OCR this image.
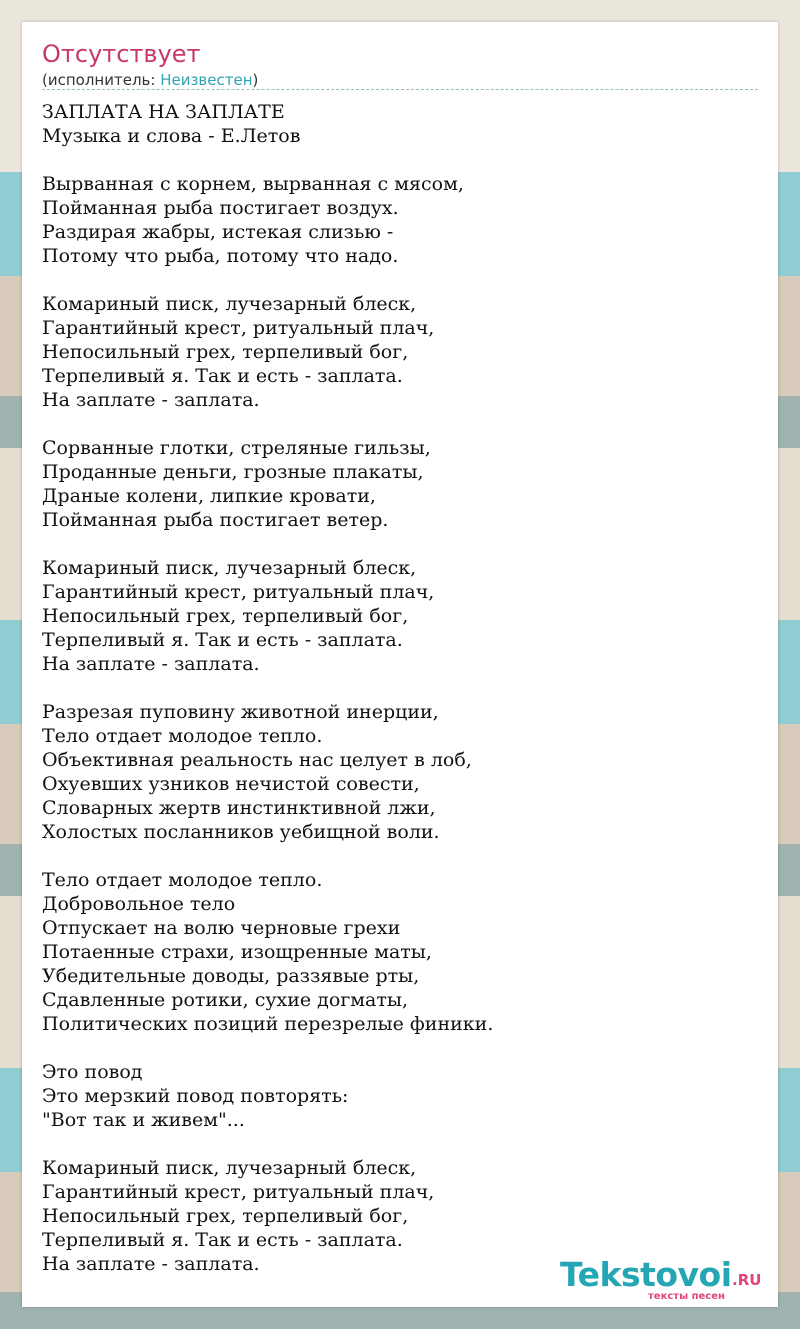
Отсутствует
(исполнитель: Неизвестен)
ЗАПЛАТА НА ЗАПЛАТЕ
Музыка и слова - Е.Летов

Вырванная с корнем, вырванная с мясом,
Пойманная рыба постигает воздух.
Раздирая жабры, истекая слизью -
Потому что рыба, потому что надо.

Комариный писк, лучезарный блеск,
Гарантийный крест, ритуальный плач,
Непосильный грех, терпеливый бог,
Терпеливый я. Так и есть - заплата.
На заплате - заплата.

Сорванные глотки, стреляные гильзы,
Проданные деньги, грозные плакаты,
Драные колени, липкие кровати,
Пойманная рыба постигает ветер.

Комариный писк, лучезарный блеск,
Гарантийный крест, ритуальный плач,
Непосильный грех, терпеливый бог,
Терпеливый я. Так и есть - заплата.
На заплате - заплата.

Разрезая пуповину животной инерции,
Тело отдает молодое тепло.
Объективная реальность нас целует в лоб,
Охуевших узников нечистой совести,
Словарных жертв инстинктивной лжи,
Холостых посланников уебищной воли.

Тело отдает молодое тепло.
Добровольное тело
Отпускает на волю черновые грехи
Потаенные страхи, изощренные маты,
Убедительные доводы, раззявые рты,
Сдавленные ротики, сухие догматы,
Политических позиций перезрелые финики.

Это повод
Это мерзкий повод повторять:
"Вот так и живем"...

Комариный писк, лучезарный блеск,
Гарантийный крест, ритуальный плач,
Непосильный грех, терпеливый бог,
Терпеливый я. Так и есть - заплата.
На заплате - заплата.	Tekstovoi .RU
тексты песен
